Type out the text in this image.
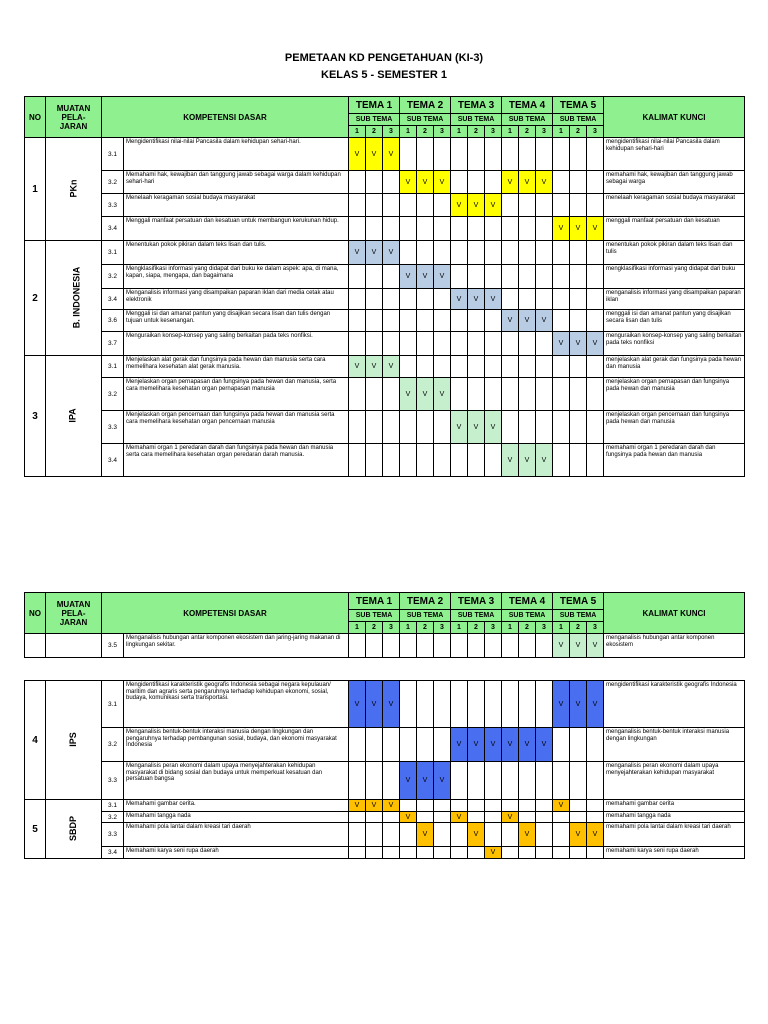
PEMETAAN KD PENGETAHUAN (KI-3)
KELAS 5 - SEMESTER 1
NO	MUATAN
PELA-
JARAN	KOMPETENSI DASAR		TEMA 1			TEMA 2			TEMA 3			TEMA 4			TEMA 5			KALIMAT KUNCI
				SUB TEMA			SUB TEMA			SUB TEMA			SUB TEMA			SUB TEMA			
				1	2	3	1	2	3	1	2	3	1	2	3	1	2	3	
1	PKn	3.1	Mengidentifikasi nilai-nilai Pancasila dalam kehidupan sehari-hari.	V	V	V													mengidentifikasi nilai-nilai Pancasila dalam kehidupan sehari-hari
		3.2	Memahami hak, kewajiban dan tanggung jawab sebagai warga dalam kehidupan sehari-hari				V	V	V				V	V	V				memahami hak, kewajiban dan tanggung jawab sebagai warga
		3.3	Menelaah keragaman sosial budaya masyarakat							V	V	V							menelaah keragaman sosial budaya masyarakat
		3.4	Menggali manfaat persatuan dan kesatuan untuk membangun kerukunan hidup.													V	V	V	menggali manfaat persatuan dan kesatuan
2	B. INDONESIA	3.1	Menentukan pokok pikiran dalam teks lisan dan tulis.	V	V	V													menentukan pokok pikiran dalam teks lisan dan tulis
		3.2	Mengklasifikasi informasi yang didapat dari buku ke dalam aspek: apa, di mana, kapan, siapa, mengapa, dan bagaimana				V	V	V										mengklasifikasi informasi yang didapat dari buku
		3.4	Menganalisis informasi yang disampaikan paparan iklan dari media cetak atau elektronik							V	V	V							menganalisis informasi yang disampaikan paparan iklan
		3.6	Menggali isi dan amanat pantun yang disajikan secara lisan dan tulis dengan tujuan untuk kesenangan.										V	V	V				menggali isi dan amanat pantun yang disajikan secara lisan dan tulis
		3.7	Menguraikan konsep-konsep yang saling berkaitan pada teks nonfiksi.													V	V	V	menguraikan konsep-konsep yang saling berkaitan pada teks nonfiksi
3	IPA	3.1	Menjelaskan alat gerak dan fungsinya pada hewan dan manusia serta cara memelihara kesehatan alat gerak manusia.	V	V	V													menjelaskan alat gerak dan fungsinya pada hewan dan manusia
		3.2	Menjelaskan organ pernapasan dan fungsinya pada hewan dan manusia, serta cara memelihara kesehatan organ pernapasan manusia				V	V	V										menjelaskan organ pernapasan dan fungsinya pada hewan dan manusia
		3.3	Menjelaskan organ pencernaan dan fungsinya pada hewan dan manusia serta cara memelihara kesehatan organ pencernaan manusia							V	V	V							menjelaskan organ pencernaan dan fungsinya pada hewan dan manusia
		3.4	Memahami organ 1 peredaran darah dan fungsinya pada hewan dan manusia serta cara memelihara kesehatan organ peredaran darah manusia.										V	V	V				memahami organ 1 peredaran darah dan fungsinya pada hewan dan manusia
NO	MUATAN
PELA-
JARAN	KOMPETENSI DASAR		TEMA 1			TEMA 2			TEMA 3			TEMA 4			TEMA 5			KALIMAT KUNCI
				SUB TEMA			SUB TEMA			SUB TEMA			SUB TEMA			SUB TEMA			
				1	2	3	1	2	3	1	2	3	1	2	3	1	2	3	
		3.5	Menganalisis hubungan antar komponen ekosistem dan jaring-jaring makanan di lingkungan sekitar.													V	V	V	menganalisis hubungan antar komponen ekosistem
4	IPS	3.1	Mengidentifikasi karakteristik geografis Indonesia sebagai negara kepulauan/ maritim dan agraris serta pengaruhnya terhadap kehidupan ekonomi, sosial, budaya, komunikasi serta transportasi.	V	V	V										V	V	V	mengidentifikasi karakteristik geografis Indonesia
		3.2	Menganalisis bentuk-bentuk interaksi manusia dengan lingkungan dan pengaruhnya terhadap pembangunan sosial, budaya, dan ekonomi masyarakat Indonesia							V	V	V	V	V	V				menganalisis bentuk-bentuk interaksi manusia dengan lingkungan
		3.3	Menganalisis peran ekonomi dalam upaya menyejahterakan kehidupan masyarakat di bidang sosial dan budaya untuk memperkuat kesatuan dan persatuan bangsa				V	V	V										menganalisis peran ekonomi dalam upaya menyejahterakan kehidupan masyarakat
5	SBDP	3.1	Memahami gambar cerita.	V	V	V										V			memahami gambar cerita
		3.2	Memahami tangga nada				V			V			V						memahami tangga nada
		3.3	Memahami pola lantai dalam kreasi tari daerah					V			V			V			V	V	memahami pola lantai dalam kreasi tari daerah
		3.4	Memahami karya seni rupa daerah									V							memahami karya seni rupa daerah
